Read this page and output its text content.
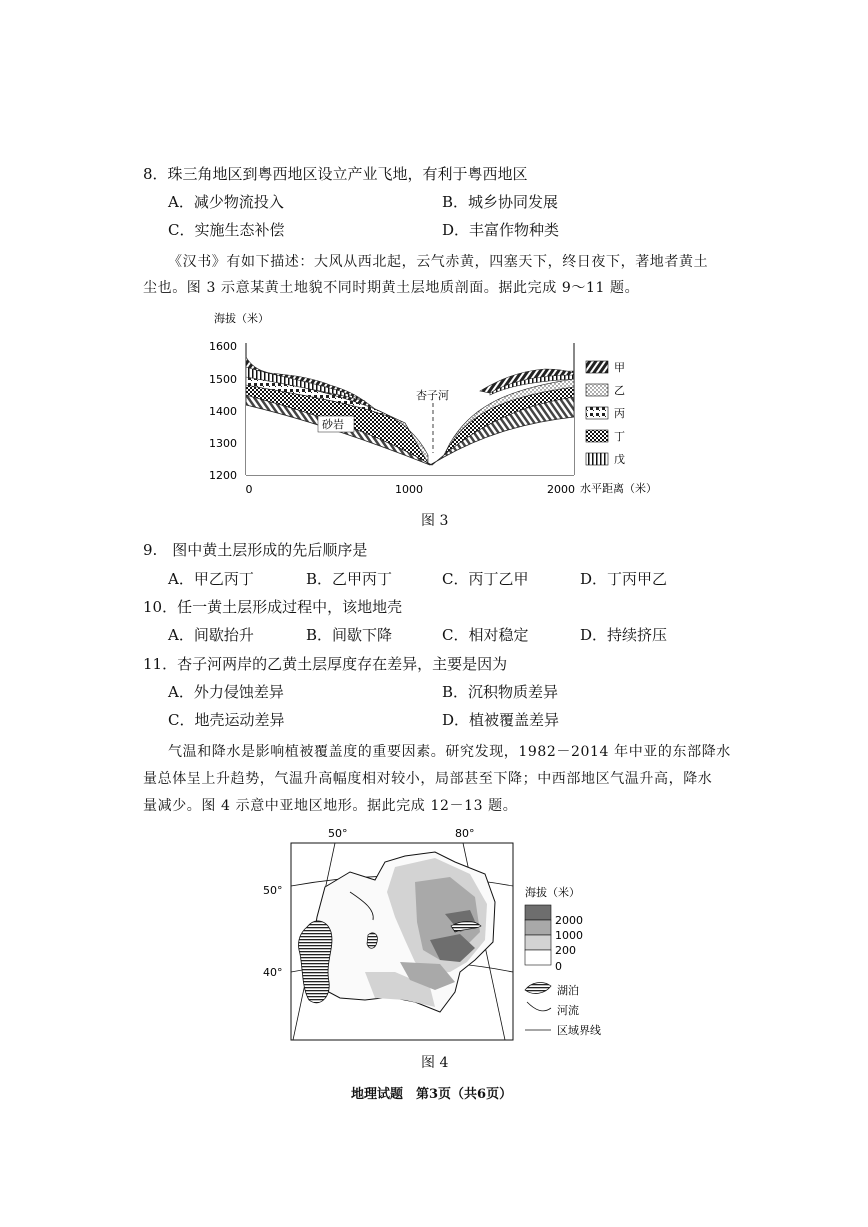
8．珠三角地区到粤西地区设立产业飞地，有利于粤西地区
A．减少物流投入	B．城乡协同发展
C．实施生态补偿	D．丰富作物种类
《汉书》有如下描述：大风从西北起，云气赤黄，四塞天下，终日夜下，著地者黄土
尘也。图 3 示意某黄土地貌不同时期黄土层地质剖面。据此完成 9～11 题。
海拔（米）
1600
1500
1400
1300
1200
0	1000	2000 水平距离（米）
砂岩
杏子河
甲
乙
丙
丁
戊
图 3
9.　图中黄土层形成的先后顺序是
A．甲乙丙丁	B．乙甲丙丁	C．丙丁乙甲	D．丁丙甲乙
10．任一黄土层形成过程中，该地地壳
A．间歇抬升	B．间歇下降	C．相对稳定	D．持续挤压
11．杏子河两岸的乙黄土层厚度存在差异，主要是因为
A．外力侵蚀差异	B．沉积物质差异
C．地壳运动差异	D．植被覆盖差异
气温和降水是影响植被覆盖度的重要因素。研究发现，1982－2014 年中亚的东部降水
量总体呈上升趋势，气温升高幅度相对较小，局部甚至下降；中西部地区气温升高，降水
量减少。图 4 示意中亚地区地形。据此完成 12－13 题。
50°	80°
50°
40°
海拔（米）
2000
1000
200
0
湖泊
河流
区域界线
图 4
地理试题　第3页（共6页）
